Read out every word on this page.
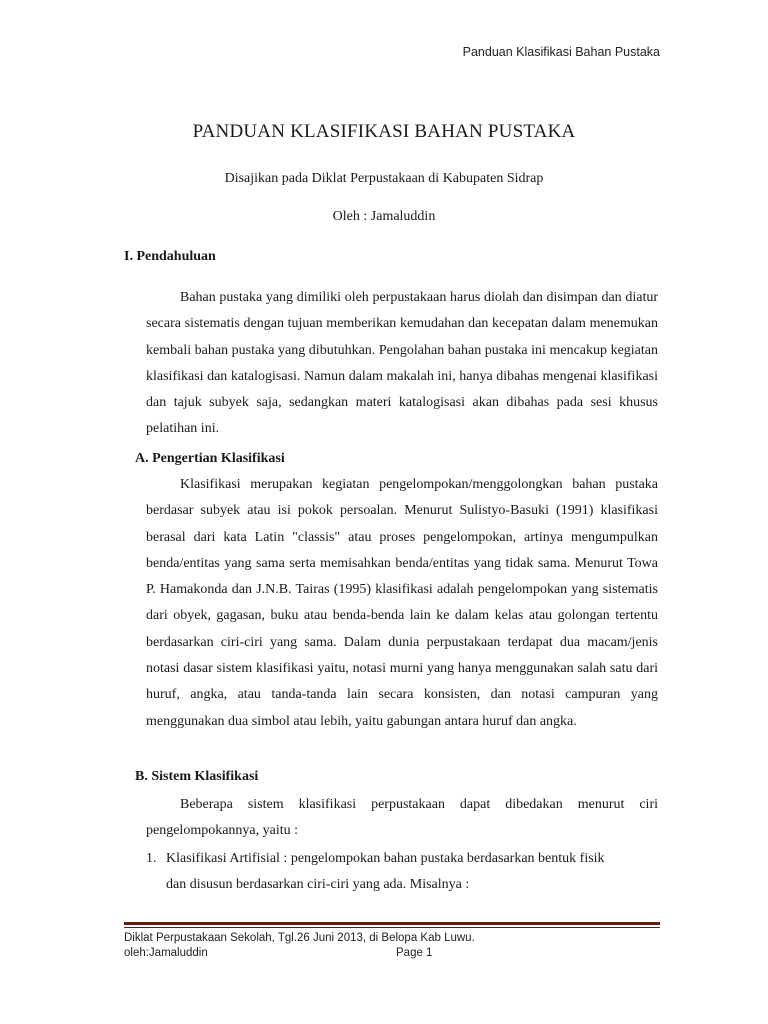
Panduan Klasifikasi Bahan Pustaka
PANDUAN KLASIFIKASI BAHAN PUSTAKA
Disajikan pada Diklat Perpustakaan di Kabupaten Sidrap
Oleh : Jamaluddin
I. Pendahuluan

Bahan pustaka yang dimiliki oleh perpustakaan harus diolah dan disimpan dan diatur secara sistematis dengan tujuan memberikan kemudahan dan kecepatan dalam menemukan kembali bahan pustaka yang dibutuhkan. Pengolahan bahan pustaka ini mencakup kegiatan klasifikasi dan katalogisasi. Namun dalam makalah ini, hanya dibahas mengenai klasifikasi dan tajuk subyek saja, sedangkan materi katalogisasi akan dibahas pada sesi khusus pelatihan ini.

A. Pengertian Klasifikasi

Klasifikasi merupakan kegiatan pengelompokan/menggolongkan bahan pustaka berdasar subyek atau isi pokok persoalan. Menurut Sulistyo-Basuki (1991) klasifikasi berasal dari kata Latin "classis" atau proses pengelompokan, artinya mengumpulkan benda/entitas yang sama serta memisahkan benda/entitas yang tidak sama. Menurut Towa P. Hamakonda dan J.N.B. Tairas (1995) klasifikasi adalah pengelompokan yang sistematis dari obyek, gagasan, buku atau benda-benda lain ke dalam kelas atau golongan tertentu berdasarkan ciri-ciri yang sama. Dalam dunia perpustakaan terdapat dua macam/jenis notasi dasar sistem klasifikasi yaitu, notasi murni yang hanya menggunakan salah satu dari huruf, angka, atau tanda-tanda lain secara konsisten, dan notasi campuran yang menggunakan dua simbol atau lebih, yaitu gabungan antara huruf dan angka.

B. Sistem Klasifikasi

Beberapa sistem klasifikasi perpustakaan dapat dibedakan menurut ciri pengelompokannya, yaitu :

1. Klasifikasi Artifisial : pengelompokan bahan pustaka berdasarkan bentuk fisik
dan disusun berdasarkan ciri-ciri yang ada. Misalnya :
Diklat Perpustakaan Sekolah, Tgl.26 Juni 2013, di Belopa Kab Luwu.
oleh:Jamaluddin	Page 1
